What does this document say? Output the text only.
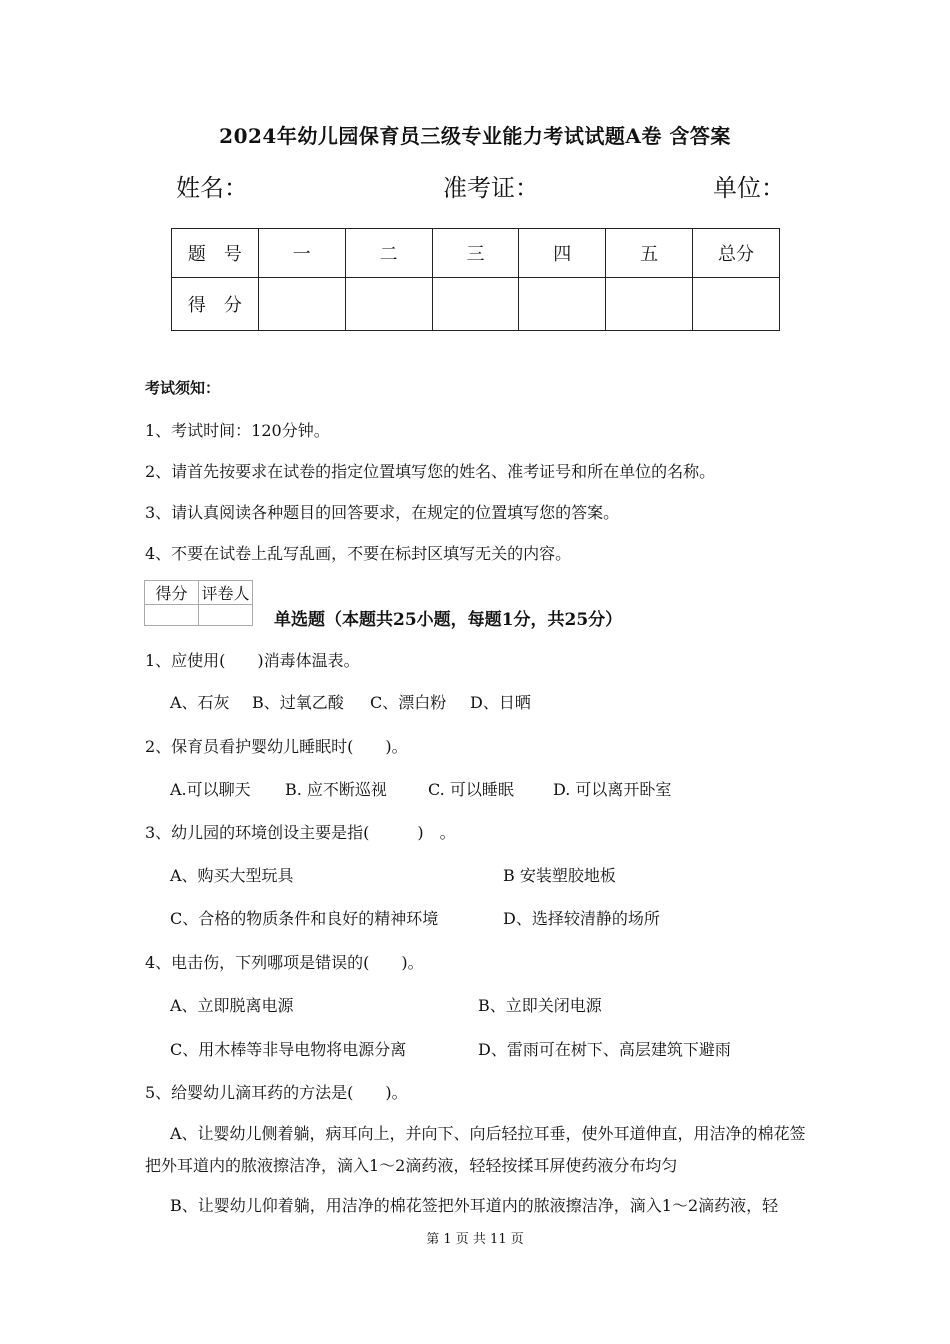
2024年幼儿园保育员三级专业能力考试试题A卷 含答案
姓名：	准考证：	单位：
题　号	一	二	三	四	五	总分
得　分						
考试须知：
1、考试时间：120分钟。
2、请首先按要求在试卷的指定位置填写您的姓名、准考证号和所在单位的名称。
3、请认真阅读各种题目的回答要求，在规定的位置填写您的答案。
4、不要在试卷上乱写乱画，不要在标封区填写无关的内容。
得分	评卷人

单选题（本题共25小题，每题1分，共25分）
1、应使用(　　)消毒体温表。
A、石灰 B、过氧乙酸 C、漂白粉 D、日晒
2、保育员看护婴幼儿睡眠时(　　)。
A.可以聊天 B. 应不断巡视	C. 可以睡眠 D. 可以离开卧室
3、幼儿园的环境创设主要是指(　　　)　。
A、购买大型玩具	B 安装塑胶地板
C、合格的物质条件和良好的精神环境	D、选择较清静的场所
4、电击伤，下列哪项是错误的(　　)。
A、立即脱离电源	B、立即关闭电源
C、用木棒等非导电物将电源分离	D、雷雨可在树下、高层建筑下避雨
5、给婴幼儿滴耳药的方法是(　　)。
A、让婴幼儿侧着躺，病耳向上，并向下、向后轻拉耳垂，使外耳道伸直，用洁净的棉花签把外耳道内的脓液擦洁净，滴入1～2滴药液，轻轻按揉耳屏使药液分布均匀
B、让婴幼儿仰着躺，用洁净的棉花签把外耳道内的脓液擦洁净，滴入1～2滴药液，轻
第 1 页 共 11 页
